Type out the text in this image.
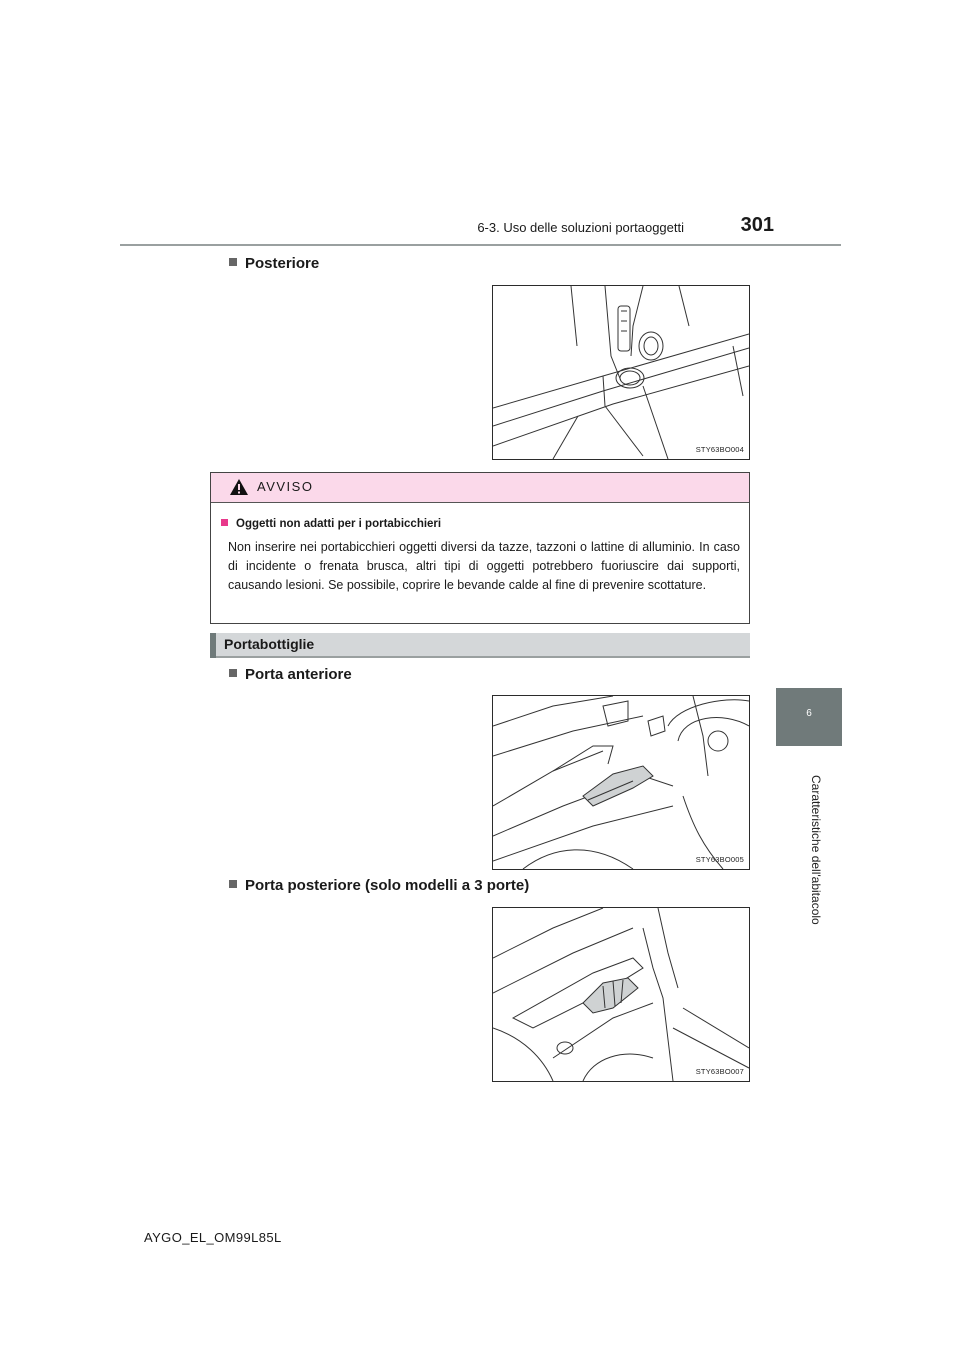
6-3. Uso delle soluzioni portaoggetti	301
Posteriore
STY63BO004
AVVISO
Oggetti non adatti per i portabicchieri
Non inserire nei portabicchieri oggetti diversi da tazze, tazzoni o lattine di alluminio. In caso di incidente o frenata brusca, altri tipi di oggetti potrebbero fuoriuscire dai supporti, causando lesioni. Se possibile, coprire le bevande calde al fine di prevenire scottature.
Portabottiglie
Porta anteriore
STY63BO005
Porta posteriore (solo modelli a 3 porte)
STY63BO007
6
Caratteristiche dell'abitacolo
AYGO_EL_OM99L85L
